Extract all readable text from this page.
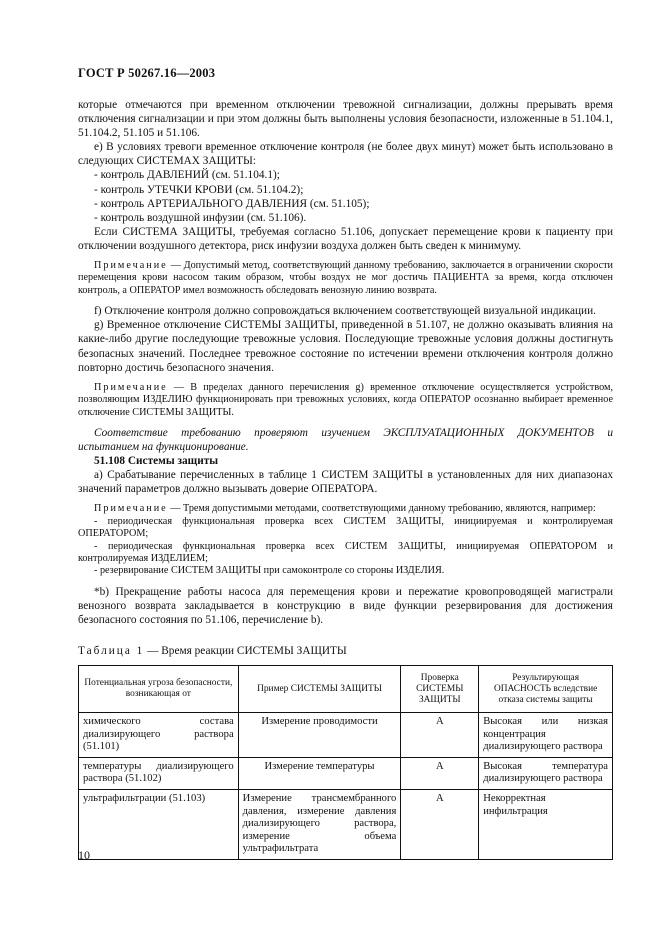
ГОСТ Р 50267.16—2003

которые отмечаются при временном отключении тревожной сигнализации, должны прерывать время отключения сигнализации и при этом должны быть выполнены условия безопасности, изложенные в 51.104.1, 51.104.2, 51.105 и 51.106.

e) В условиях тревоги временное отключение контроля (не более двух минут) может быть использовано в следующих СИСТЕМАХ ЗАЩИТЫ:

- контроль ДАВЛЕНИЙ (см. 51.104.1);

- контроль УТЕЧКИ КРОВИ (см. 51.104.2);

- контроль АРТЕРИАЛЬНОГО ДАВЛЕНИЯ (см. 51.105);

- контроль воздушной инфузии (см. 51.106).

Если СИСТЕМА ЗАЩИТЫ, требуемая согласно 51.106, допускает перемещение крови к пациенту при отключении воздушного детектора, риск инфузии воздуха должен быть сведен к минимуму.

Примечание — Допустимый метод, соответствующий данному требованию, заключается в ограничении скорости перемещения крови насосом таким образом, чтобы воздух не мог достичь ПАЦИЕНТА за время, когда отключен контроль, а ОПЕРАТОР имел возможность обследовать венозную линию возврата.

f) Отключение контроля должно сопровождаться включением соответствующей визуальной индикации.

g) Временное отключение СИСТЕМЫ ЗАЩИТЫ, приведенной в 51.107, не должно оказывать влияния на какие-либо другие последующие тревожные условия. Последующие тревожные условия должны достигнуть безопасных значений. Последнее тревожное состояние по истечении времени отключения контроля должно повторно достичь безопасного значения.

Примечание — В пределах данного перечисления g) временное отключение осуществляется устройством, позволяющим ИЗДЕЛИЮ функционировать при тревожных условиях, когда ОПЕРАТОР осознанно выбирает временное отключение СИСТЕМЫ ЗАЩИТЫ.

Соответствие требованию проверяют изучением ЭКСПЛУАТАЦИОННЫХ ДОКУМЕНТОВ и испытанием на функционирование.

51.108 Системы защиты

a) Срабатывание перечисленных в таблице 1 СИСТЕМ ЗАЩИТЫ в установленных для них диапазонах значений параметров должно вызывать доверие ОПЕРАТОРА.

Примечание — Тремя допустимыми методами, соответствующими данному требованию, являются, например:

- периодическая функциональная проверка всех СИСТЕМ ЗАЩИТЫ, инициируемая и контролируемая ОПЕРАТОРОМ;

- периодическая функциональная проверка всех СИСТЕМ ЗАЩИТЫ, инициируемая ОПЕРАТОРОМ и контролируемая ИЗДЕЛИЕМ;

- резервирование СИСТЕМ ЗАЩИТЫ при самоконтроле со стороны ИЗДЕЛИЯ.

*b) Прекращение работы насоса для перемещения крови и пережатие кровопроводящей магистрали венозного возврата закладывается в конструкцию в виде функции резервирования для достижения безопасного состояния по 51.106, перечисление b).

Таблица 1 — Время реакции СИСТЕМЫ ЗАЩИТЫ
Потенциальная угроза безопасности, возникающая от	Пример СИСТЕМЫ ЗАЩИТЫ	Проверка СИСТЕМЫ ЗАЩИТЫ	Результирующая ОПАСНОСТЬ вследствие отказа системы защиты
химического состава диализирующего раствора (51.101)	Измерение проводимости	A	Высокая или низкая концентрация диализирующего раствора
температуры диализирующего раствора (51.102)	Измерение температуры	A	Высокая температура диализирующего раствора
ультрафильтрации (51.103)	Измерение трансмембранного давления, измерение давления диализирующего раствора, измерение объема ультрафильтрата	A	Некорректная инфильтрация
10
